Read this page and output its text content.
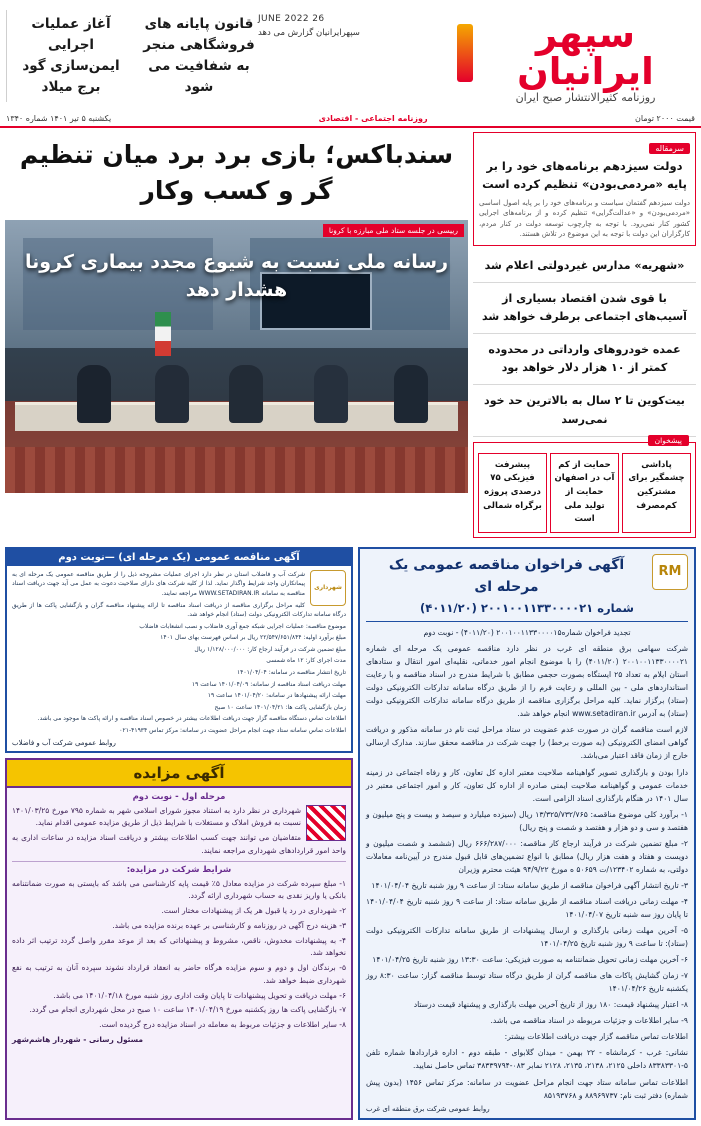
سپهر ایرانیان
روزنامه کثیرالانتشار صبح ایران
قانون پایانه های فروشگاهی منجر به شفافیت می شود
آغاز عملیات اجرایی ایمن‌سازی گود برج میلاد
26 JUNE 2022
سپهرایرانیان گزارش می دهد
قیمت ۲۰۰۰ تومان
روزنامه اجتماعی - اقتصادی
یکشنبه ۵ تیر ۱۴۰۱ شماره ۱۳۴۰
سرمقاله
دولت سیزدهم برنامه‌های خود را بر پایه «مردمی‌بودن» تنظیم کرده است
دولت سیزدهم گفتمان سیاست و برنامه‌های خود را بر پایه اصول اساسی «مردمی‌بودن» و «عدالت‌گرایی» تنظیم کرده و از برنامه‌های اجرایی کشور کنار نمی‌رود. با توجه به چارچوب توسعه دولت در کنار مردم، کارگزاران این دولت با توجه به این موضوع در تلاش هستند.
«شهریه» مدارس غیردولتی اعلام شد
با قوی شدن اقتصاد بسیاری از آسیب‌های اجتماعی برطرف خواهد شد
عمده خودروهای وارداتی در محدوده کمتر از ۱۰ هزار دلار خواهد بود
بیت‌کوین تا ۲ سال به بالاترین حد خود نمی‌رسد
پیشخوان
پاداشی چشمگیر برای مشترکین کم‌مصرف
حمایت از کم آب در اصفهان حمایت از تولید ملی است
پیشرفت فیزیکی ۷۵ درصدی پروژه برگراه شمالی
سندباکس؛ بازی برد برد میان تنظیم گر و کسب وکار
رییسی در جلسه ستاد ملی مبارزه با کرونا
رسانه ملی نسبت به شیوع مجدد بیماری کرونا هشدار دهد
RM
آگهی فراخوان مناقصه عمومی یک مرحله ای
شماره ۲۰۰۱۰۰۱۱۳۳۰۰۰۰۲۱ (۴۰۱۱/۲۰)
تجدید فراخوان شماره۲۰۰۱۰۰۱۱۳۳۰۰۰۰۱۵ (۴۰۱۱/۲۰) - نوبت دوم

شرکت سهامی برق منطقه ای غرب در نظر دارد مناقصه عمومی یک مرحله ای شماره ۲۰۰۱۰۰۱۱۳۳۰۰۰۰۲۱ (۴۰۱۱/۲۰) را با موضوع انجام امور خدماتی، نقلیه‌ای امور انتقال و ستادهای استان ایلام به تعداد ۲۵ ایستگاه بصورت حجمی مطابق با شرایط مندرج در اسناد مناقصه و با رعایت استانداردهای ملی - بین المللی و رعایت فرم را از طریق درگاه سامانه تدارکات الکترونیکی دولت (ستاد) برگزار نماید. کلیه مراحل برگزاری مناقصه از طریق درگاه سامانه تدارکات الکترونیکی دولت (ستاد) به آدرس www.setadiran.ir انجام خواهد شد.

لازم است مناقصه گران در صورت عدم عضویت در ستاد مراحل ثبت نام در سامانه مذکور و دریافت گواهی امضای الکترونیکی (به صورت برخط) را جهت شرکت در مناقصه محقق سازند. مدارک ارسالی خارج از زمان فاقد اعتبار می‌باشد.

دارا بودن و بارگذاری تصویر گواهینامه صلاحیت معتبر اداره کل تعاون، کار و رفاه اجتماعی در زمینه خدمات عمومی و گواهینامه صلاحیت ایمنی صادره از اداره کل تعاون، کار و امور اجتماعی معتبر در سال ۱۴۰۱ در هنگام بارگذاری اسناد الزامی است.

۱- برآورد کلی موضوع مناقصه: ۱۳/۳۲۵/۷۳۲/۷۶۵ ریال (سیزده میلیارد و سیصد و بیست و پنج میلیون و هفتصد و سی و دو هزار و هفتصد و شصت و پنج ریال)

۲- مبلغ تضمین شرکت در فرآیند ارجاع کار مناقصه: ۶۶۶/۲۸۷/۰۰۰ ریال (ششصد و شصت میلیون و دویست و هفتاد و هفت هزار ریال) مطابق با انواع تضمین‌های قابل قبول مندرج در آیین‌نامه معاملات دولتی، به شماره ۱۲۳۴۰۲/ت ۵۰۶۵۹ ه مورخ ۹۴/۹/۲۲ هیئت محترم وزیران

۳- تاریخ انتشار آگهی فراخوان مناقصه از طریق سامانه ستاد: از ساعت ۹ روز شنبه تاریخ ۱۴۰۱/۰۴/۰۴

۴- مهلت زمانی دریافت اسناد مناقصه از طریق سامانه ستاد: از ساعت ۹ روز شنبه تاریخ ۱۴۰۱/۰۴/۰۴ تا پایان روز سه شنبه تاریخ ۱۴۰۱/۰۴/۰۷

۵- آخرین مهلت زمانی بارگذاری و ارسال پیشنهادات از طریق سامانه تدارکات الکترونیکی دولت (ستاد): تا ساعت ۹ روز شنبه تاریخ ۱۴۰۱/۰۴/۲۵

۶- آخرین مهلت زمانی تحویل ضمانتنامه به صورت فیزیکی: ساعت ۱۳:۳۰ روز شنبه تاریخ ۱۴۰۱/۰۴/۲۵

۷- زمان گشایش پاکات های مناقصه گران از طریق درگاه ستاد توسط مناقصه گزار: ساعت ۸:۳۰ روز یکشنبه تاریخ ۱۴۰۱/۰۴/۲۶

۸- اعتبار پیشنهاد قیمت: ۱۸۰ روز از تاریخ آخرین مهلت بارگذاری و پیشنهاد قیمت درستاد

۹- سایر اطلاعات و جزئیات مربوطه در اسناد مناقصه می باشد.

اطلاعات تماس مناقصه گزار جهت دریافت اطلاعات بیشتر:

نشانی: غرب - کرمانشاه - ۲۲ بهمن - میدان گلابوای - طبقه دوم - اداره قراردادها شماره تلفن ۵-۸۳۳۸۳۳۰۱ داخلی ۲۱۲۵، ۲۱۳۸، ۲۱۳۵، ۲۱۲۸ نمابر ۰۸۳-۳۸۳۳۹۷۹۴ تماس حاصل نمایید.

اطلاعات تماس سامانه ستاد جهت انجام مراحل عضویت در سامانه: مرکز تماس ۱۴۵۶ (بدون پیش شماره) دفتر ثبت نام: ۸۸۹۶۹۷۳۷ و ۸۵۱۹۳۷۶۸

روابط عمومی شرکت برق منطقه ای غرب
آگهی مناقصه عمومی (یک مرحله ای) —نوبت دوم
شهرداری

شرکت آب و فاضلاب استان در نظر دارد اجرای عملیات مشروحه ذیل را از طریق مناقصه عمومی یک مرحله ای به پیمانکاران واجد شرایط واگذار نماید. لذا از کلیه شرکت های دارای صلاحیت دعوت به عمل می آید جهت دریافت اسناد مناقصه به سامانه WWW.SETADIRAN.IR مراجعه نمایند.

کلیه مراحل برگزاری مناقصه از دریافت اسناد مناقصه تا ارائه پیشنهاد مناقصه گران و بازگشایی پاکت ها از طریق درگاه سامانه تدارکات الکترونیکی دولت (ستاد) انجام خواهد شد.

موضوع مناقصه: عملیات اجرایی شبکه جمع آوری فاضلاب و نصب انشعابات فاضلاب

مبلغ برآورد اولیه: ۲۲/۵۴۷/۶۵۱/۸۴۴ ریال بر اساس فهرست بهای سال ۱۴۰۱

مبلغ تضمین شرکت در فرآیند ارجاع کار: ۱/۱۲۸/۰۰۰/۰۰۰ ریال

مدت اجرای کار: ۱۲ ماه شمسی

تاریخ انتشار مناقصه در سامانه: ۱۴۰۱/۰۴/۰۴

مهلت دریافت اسناد مناقصه از سامانه: ۱۴۰۱/۰۴/۰۹ ساعت ۱۹

مهلت ارائه پیشنهادها در سامانه: ۱۴۰۱/۰۴/۲۰ ساعت ۱۹

زمان بازگشایی پاکت ها: ۱۴۰۱/۰۴/۲۱ ساعت ۱۰ صبح

اطلاعات تماس دستگاه مناقصه گزار جهت دریافت اطلاعات بیشتر در خصوص اسناد مناقصه و ارائه پاکت ها موجود می باشد.

اطلاعات تماس سامانه ستاد جهت انجام مراحل عضویت در سامانه: مرکز تماس ۴۱۹۳۴-۰۲۱

روابط عمومی شرکت آب و فاضلاب
آگهی مزایده
مرحله اول - نوبت دوم

شهرداری در نظر دارد به استناد مجوز شورای اسلامی شهر به شماره ۷۹۵ مورخ ۱۴۰۱/۰۳/۲۵ نسبت به فروش املاک و مستغلات با شرایط ذیل از طریق مزایده عمومی اقدام نماید.

متقاضیان می توانند جهت کسب اطلاعات بیشتر و دریافت اسناد مزایده در ساعات اداری به واحد امور قراردادهای شهرداری مراجعه نمایند.

شرایط شرکت در مزایده:

۱- مبلغ سپرده شرکت در مزایده معادل ۵٪ قیمت پایه کارشناسی می باشد که بایستی به صورت ضمانتنامه بانکی یا واریز نقدی به حساب شهرداری ارائه گردد.

۲- شهرداری در رد یا قبول هر یک از پیشنهادات مختار است.

۳- هزینه درج آگهی در روزنامه و کارشناسی بر عهده برنده مزایده می باشد.

۴- به پیشنهادات مخدوش، ناقص، مشروط و پیشنهاداتی که بعد از موعد مقرر واصل گردد ترتیب اثر داده نخواهد شد.

۵- برندگان اول و دوم و سوم مزایده هرگاه حاضر به انعقاد قرارداد نشوند سپرده آنان به ترتیب به نفع شهرداری ضبط خواهد شد.

۶- مهلت دریافت و تحویل پیشنهادات تا پایان وقت اداری روز شنبه مورخ ۱۴۰۱/۰۴/۱۸ می باشد.

۷- بازگشایی پاکت ها روز یکشنبه مورخ ۱۴۰۱/۰۴/۱۹ ساعت ۱۰ صبح در محل شهرداری انجام می گردد.

۸- سایر اطلاعات و جزئیات مربوط به معامله در اسناد مزایده درج گردیده است.

مسئول رسانی - شهردار هاشم‌شهر
